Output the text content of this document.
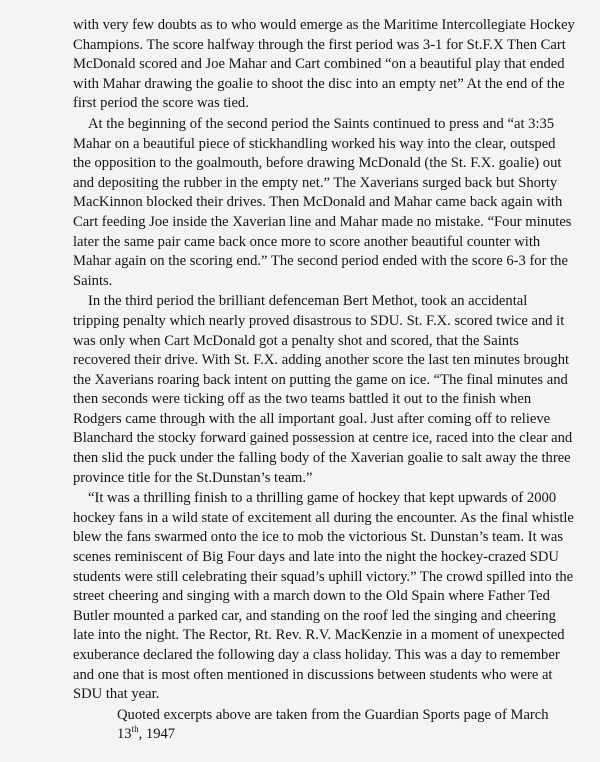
with very few doubts as to who would emerge as the Maritime Intercollegiate Hockey Champions. The score halfway through the first period was 3-1 for St.F.X Then Cart McDonald scored and Joe Mahar and Cart combined “on a beautiful play that ended with Mahar drawing the goalie to shoot the disc into an empty net” At the end of the first period the score was tied.

At the beginning of the second period the Saints continued to press and “at 3:35 Mahar on a beautiful piece of stickhandling worked his way into the clear, outsped the opposition to the goalmouth, before drawing McDonald (the St. F.X. goalie) out and depositing the rubber in the empty net.” The Xaverians surged back but Shorty MacKinnon blocked their drives. Then McDonald and Mahar came back again with Cart feeding Joe inside the Xaverian line and Mahar made no mistake. “Four minutes later the same pair came back once more to score another beautiful counter with Mahar again on the scoring end.” The second period ended with the score 6-3 for the Saints.

In the third period the brilliant defenceman Bert Methot, took an accidental tripping penalty which nearly proved disastrous to SDU. St. F.X. scored twice and it was only when Cart McDonald got a penalty shot and scored, that the Saints recovered their drive. With St. F.X. adding another score the last ten minutes brought the Xaverians roaring back intent on putting the game on ice. “The final minutes and then seconds were ticking off as the two teams battled it out to the finish when Rodgers came through with the all important goal. Just after coming off to relieve Blanchard the stocky forward gained possession at centre ice, raced into the clear and then slid the puck under the falling body of the Xaverian goalie to salt away the three province title for the St.Dunstan’s team.”

“It was a thrilling finish to a thrilling game of hockey that kept upwards of 2000 hockey fans in a wild state of excitement all during the encounter. As the final whistle blew the fans swarmed onto the ice to mob the victorious St. Dunstan’s team. It was scenes reminiscent of Big Four days and late into the night the hockey-crazed SDU students were still celebrating their squad’s uphill victory.” The crowd spilled into the street cheering and singing with a march down to the Old Spain where Father Ted Butler mounted a parked car, and standing on the roof led the singing and cheering late into the night. The Rector, Rt. Rev. R.V. MacKenzie in a moment of unexpected exuberance declared the following day a class holiday. This was a day to remember and one that is most often mentioned in discussions between students who were at SDU that year.

Quoted excerpts above are taken from the Guardian Sports page of March 13th, 1947
